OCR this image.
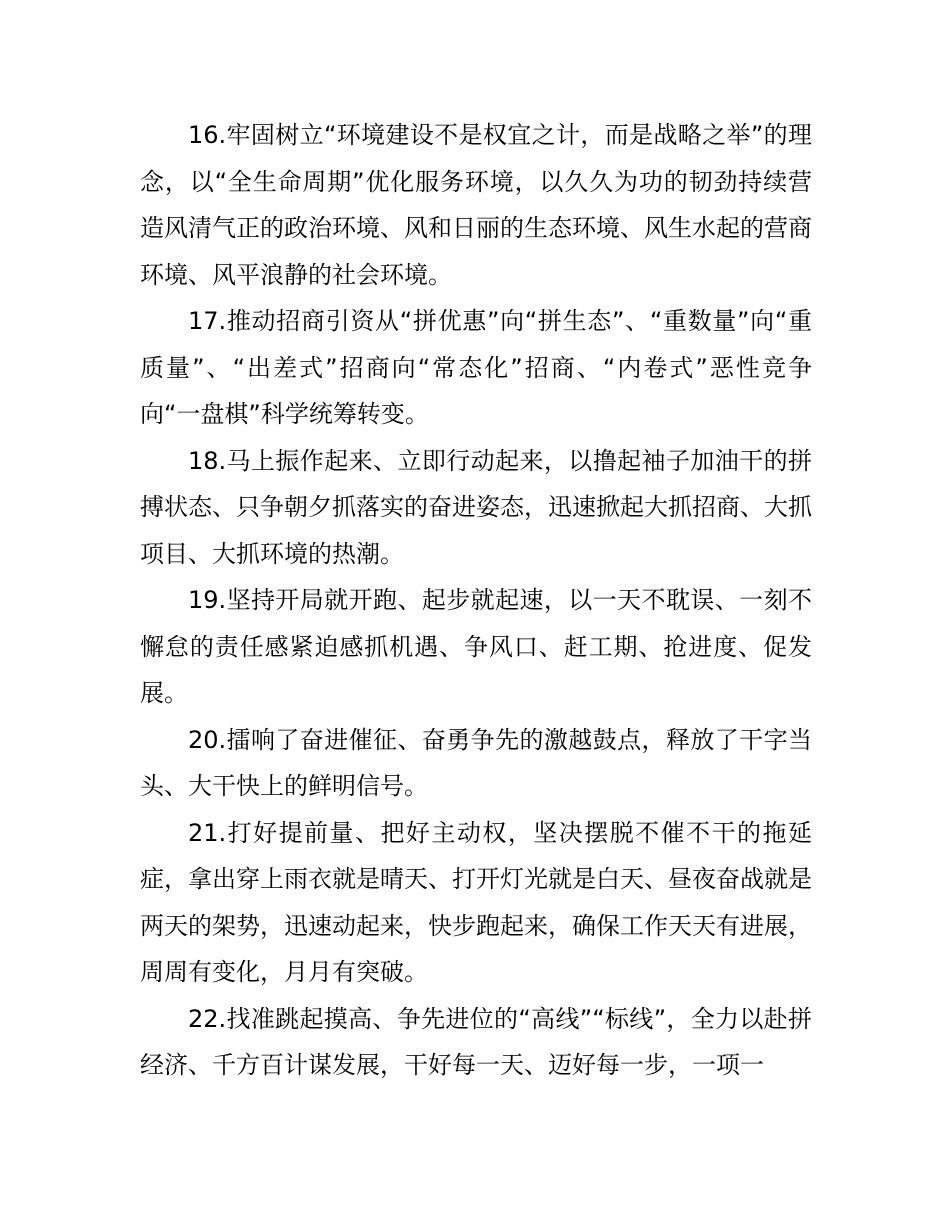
16.牢固树立“环境建设不是权宜之计，而是战略之举”的理念，以“全生命周期”优化服务环境，以久久为功的韧劲持续营造风清气正的政治环境、风和日丽的生态环境、风生水起的营商环境、风平浪静的社会环境。

17.推动招商引资从“拼优惠”向“拼生态”、“重数量”向“重质量”、“出差式”招商向“常态化”招商、“内卷式”恶性竞争向“一盘棋”科学统筹转变。

18.马上振作起来、立即行动起来，以撸起袖子加油干的拼搏状态、只争朝夕抓落实的奋进姿态，迅速掀起大抓招商、大抓项目、大抓环境的热潮。

19.坚持开局就开跑、起步就起速，以一天不耽误、一刻不懈怠的责任感紧迫感抓机遇、争风口、赶工期、抢进度、促发展。

20.擂响了奋进催征、奋勇争先的激越鼓点，释放了干字当头、大干快上的鲜明信号。

21.打好提前量、把好主动权，坚决摆脱不催不干的拖延症，拿出穿上雨衣就是晴天、打开灯光就是白天、昼夜奋战就是两天的架势，迅速动起来，快步跑起来，确保工作天天有进展，周周有变化，月月有突破。

22.找准跳起摸高、争先进位的“高线”“标线”，全力以赴拼经济、千方百计谋发展，干好每一天、迈好每一步，一项一
